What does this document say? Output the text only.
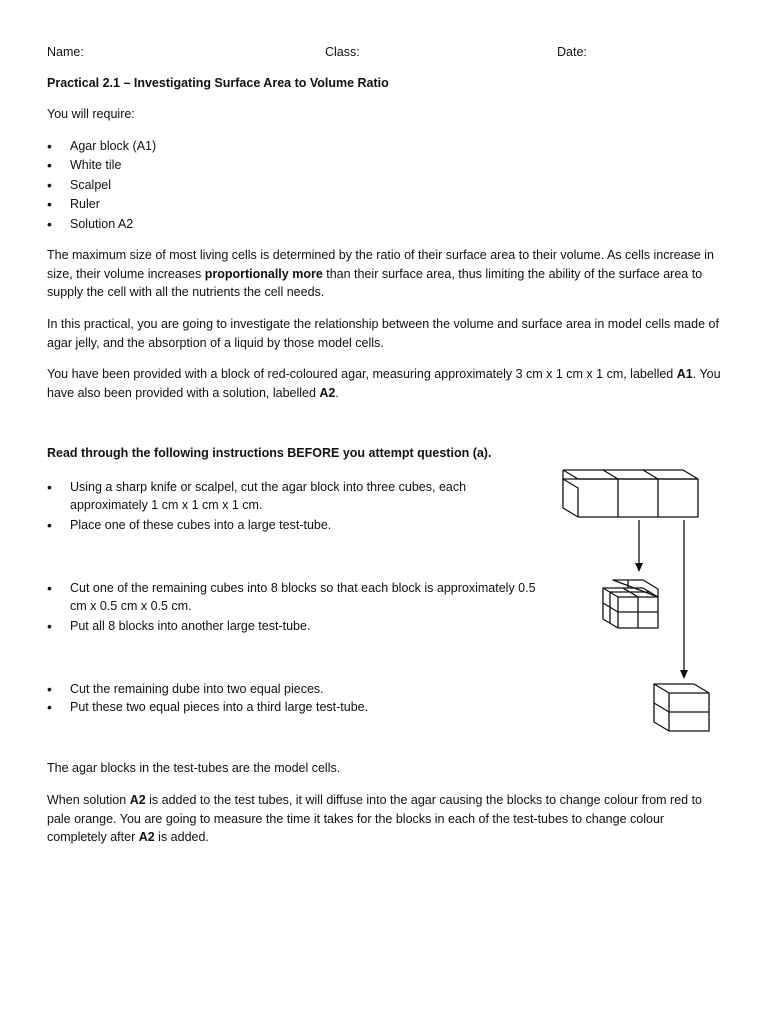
Name:	Class:	Date:
Practical 2.1 – Investigating Surface Area to Volume Ratio
You will require:
• Agar block (A1)
• White tile
• Scalpel
• Ruler
• Solution A2
The maximum size of most living cells is determined by the ratio of their surface area to their volume. As cells increase in size, their volume increases proportionally more than their surface area, thus limiting the ability of the surface area to supply the cell with all the nutrients the cell needs.
In this practical, you are going to investigate the relationship between the volume and surface area in model cells made of agar jelly, and the absorption of a liquid by those model cells.
You have been provided with a block of red-coloured agar, measuring approximately 3 cm x 1 cm x 1 cm, labelled A1. You have also been provided with a solution, labelled A2.
Read through the following instructions BEFORE you attempt question (a).
• Using a sharp knife or scalpel, cut the agar block into three cubes, each approximately 1 cm x 1 cm x 1 cm.
• Place one of these cubes into a large test-tube.
• Cut one of the remaining cubes into 8 blocks so that each block is approximately 0.5 cm x 0.5 cm x 0.5 cm.
• Put all 8 blocks into another large test-tube.
• Cut the remaining dube into two equal pieces.
• Put these two equal pieces into a third large test-tube.
The agar blocks in the test-tubes are the model cells.
When solution A2 is added to the test tubes, it will diffuse into the agar causing the blocks to change colour from red to pale orange. You are going to measure the time it takes for the blocks in each of the test-tubes to change colour completely after A2 is added.
